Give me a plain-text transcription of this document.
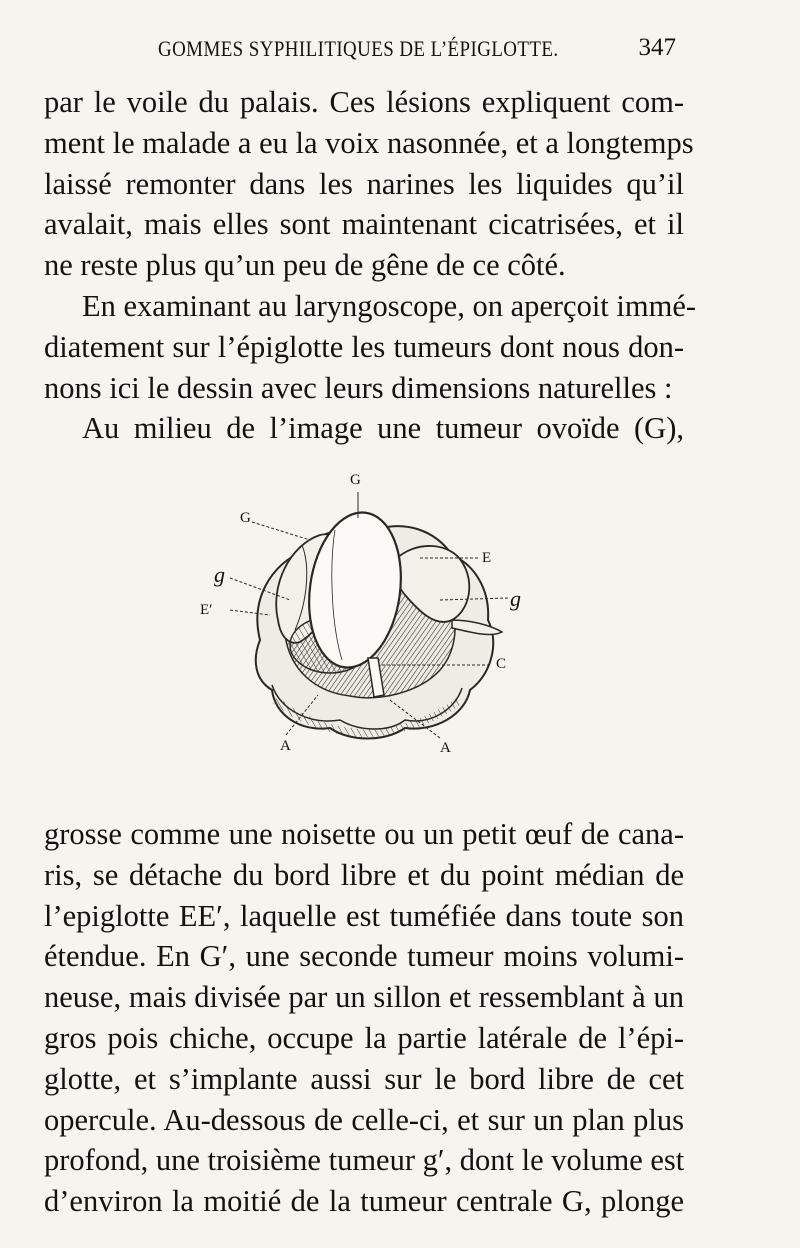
GOMMES SYPHILITIQUES DE L’ÉPIGLOTTE.	347

par le voile du palais. Ces lésions expliquent com-
ment le malade a eu la voix nasonnée, et a longtemps
laissé remonter dans les narines les liquides qu’il
avalait, mais elles sont maintenant cicatrisées, et il
ne reste plus qu’un peu de gêne de ce côté.

En examinant au laryngoscope, on aperçoit immé-
diatement sur l’épiglotte les tumeurs dont nous don-
nons ici le dessin avec leurs dimensions naturelles :

Au milieu de l’image une tumeur ovoïde (G),

G
G
E
g
g
E′
C
A	A

grosse comme une noisette ou un petit œuf de cana-
ris, se détache du bord libre et du point médian de
l’epiglotte EE′, laquelle est tuméfiée dans toute son
étendue. En G′, une seconde tumeur moins volumi-
neuse, mais divisée par un sillon et ressemblant à un
gros pois chiche, occupe la partie latérale de l’épi-
glotte, et s’implante aussi sur le bord libre de cet
opercule. Au-dessous de celle-ci, et sur un plan plus
profond, une troisième tumeur g′, dont le volume est
d’environ la moitié de la tumeur centrale G, plonge
